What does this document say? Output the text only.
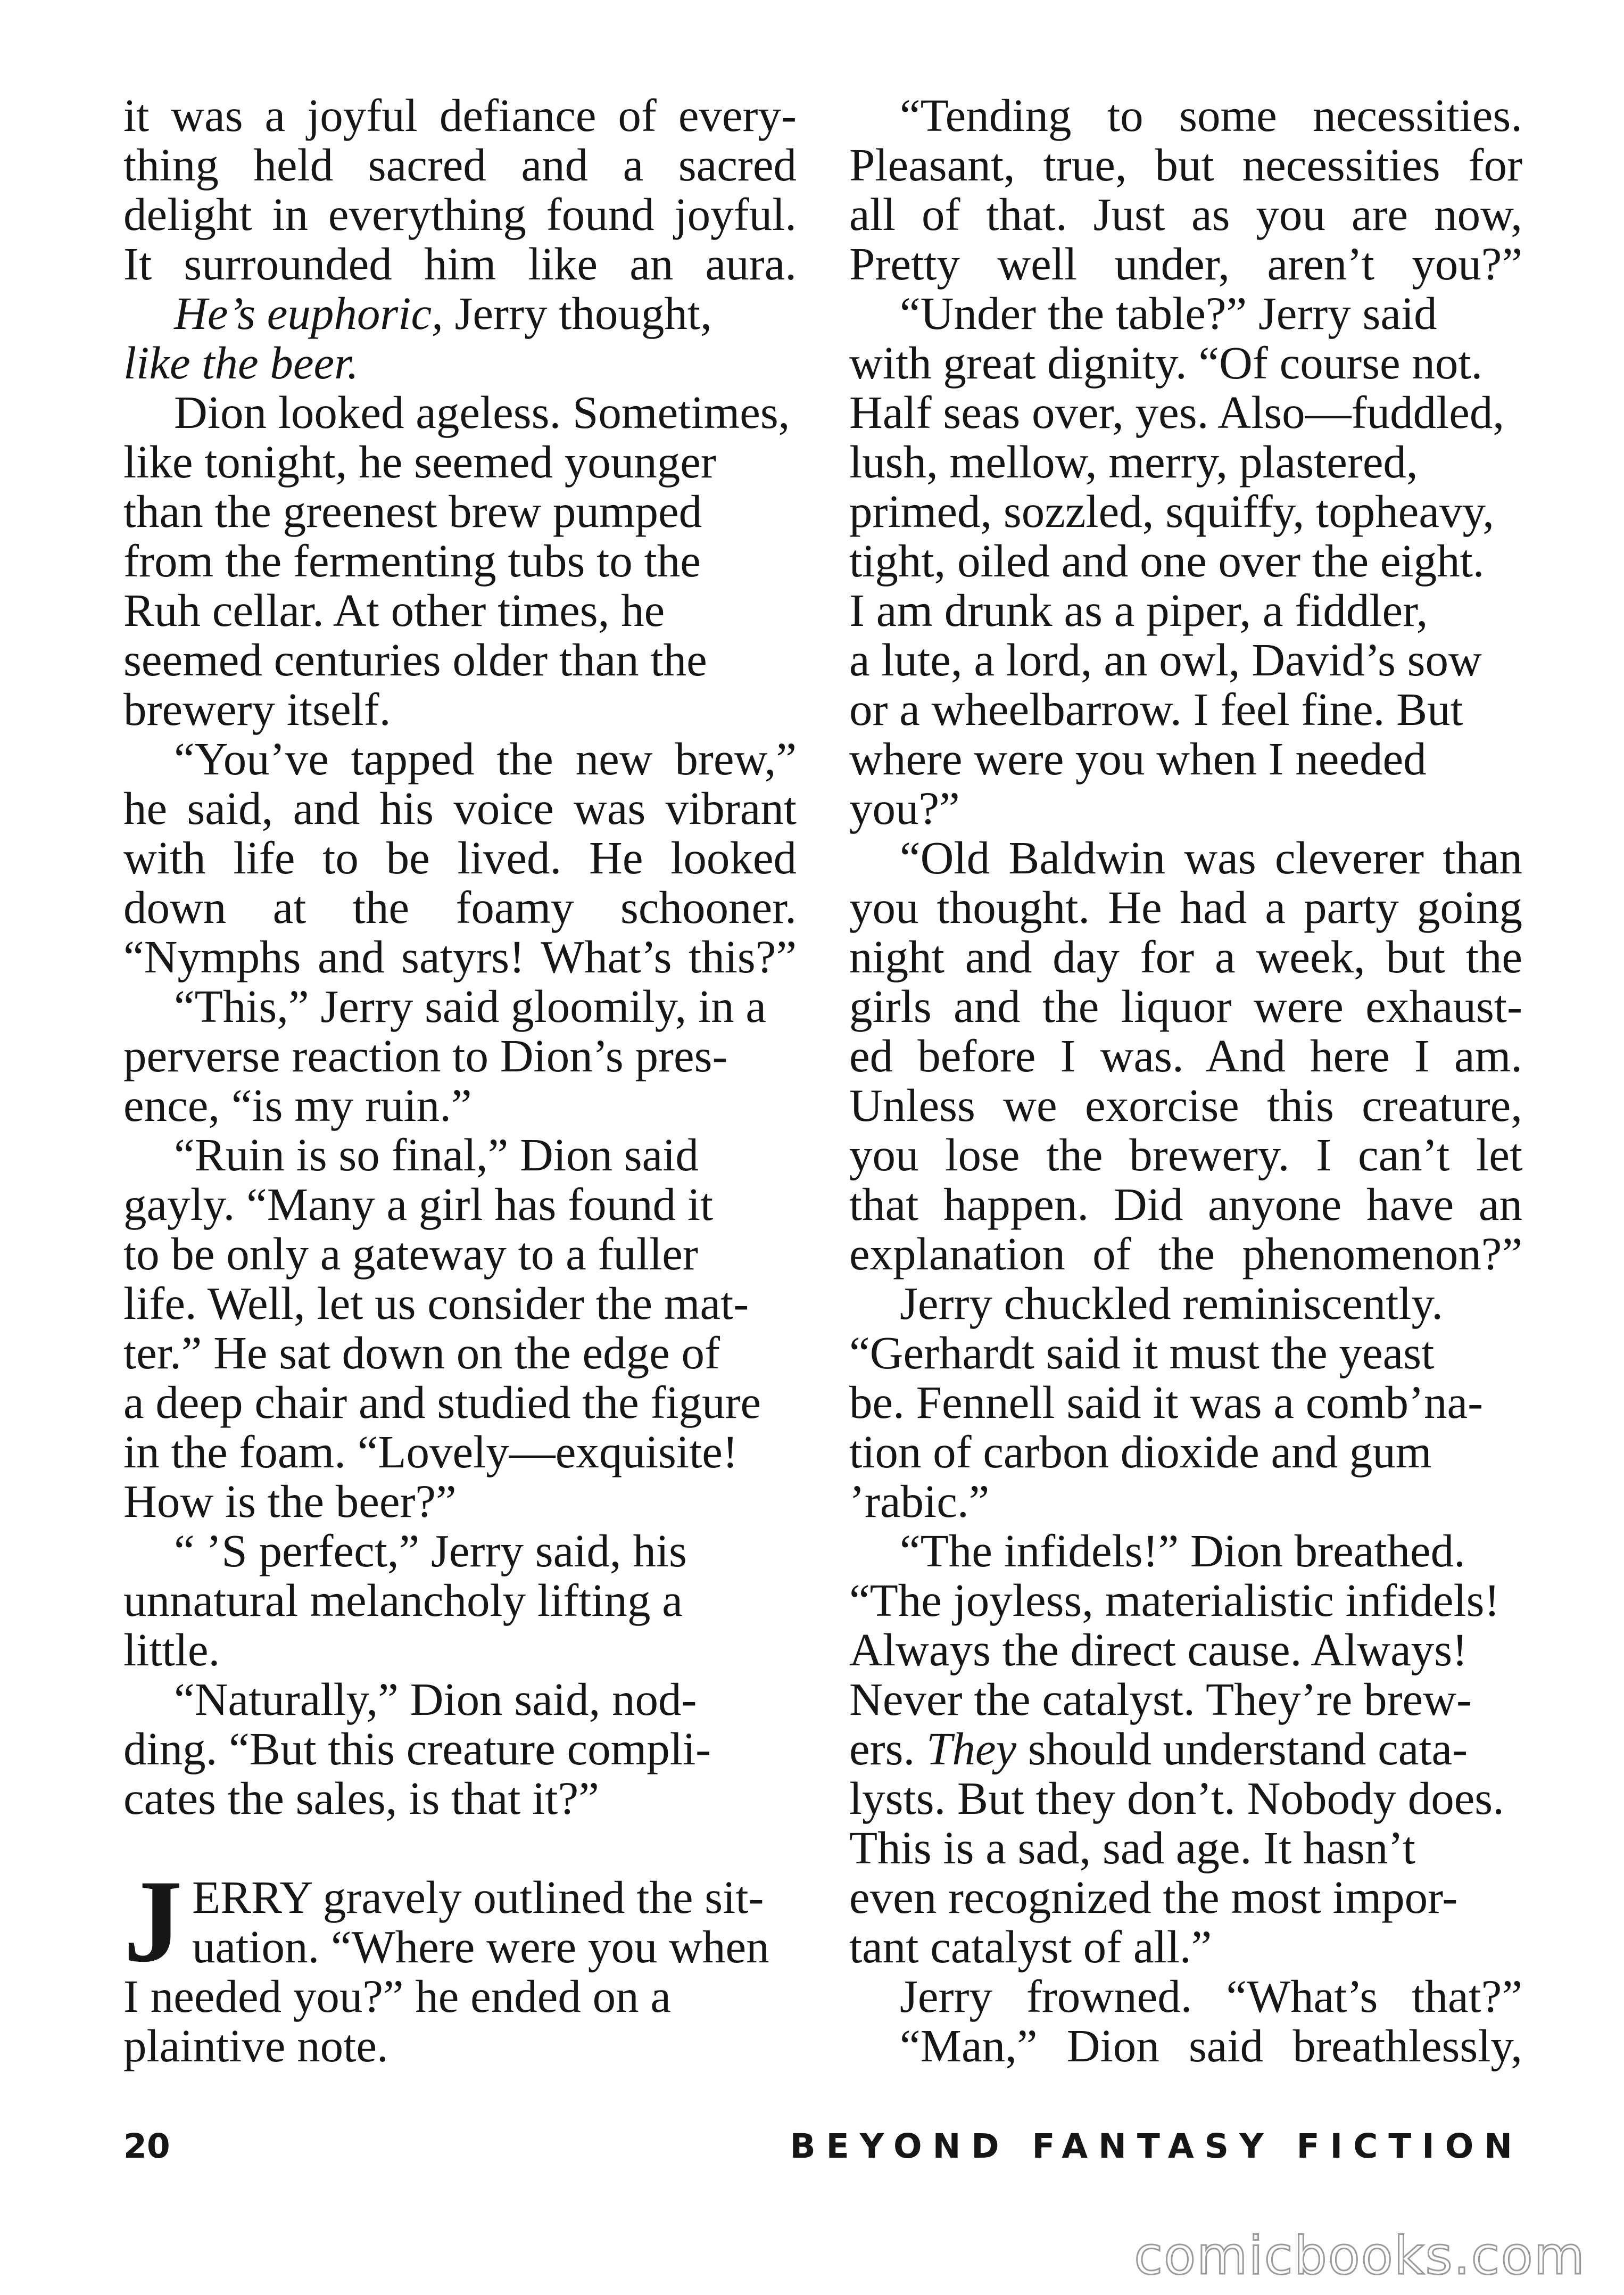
it was a joyful defiance of every-
thing held sacred and a sacred
delight in everything found joyful.
It surrounded him like an aura.

He’s euphoric, Jerry thought,
like the beer.

Dion looked ageless. Sometimes,
like tonight, he seemed younger
than the greenest brew pumped
from the fermenting tubs to the
Ruh cellar. At other times, he
seemed centuries older than the
brewery itself.

“You’ve tapped the new brew,”
he said, and his voice was vibrant
with life to be lived. He looked
down at the foamy schooner.
“Nymphs and satyrs! What’s this?”

“This,” Jerry said gloomily, in a
perverse reaction to Dion’s pres-
ence, “is my ruin.”

“Ruin is so final,” Dion said
gayly. “Many a girl has found it
to be only a gateway to a fuller
life. Well, let us consider the mat-
ter.” He sat down on the edge of
a deep chair and studied the figure
in the foam. “Lovely—exquisite!
How is the beer?”

“ ’S perfect,” Jerry said, his
unnatural melancholy lifting a
little.

“Naturally,” Dion said, nod-
ding. “But this creature compli-
cates the sales, is that it?”

JERRY gravely outlined the sit-
uation. “Where were you when
I needed you?” he ended on a
plaintive note.

“Tending to some necessities.
Pleasant, true, but necessities for
all of that. Just as you are now,
Pretty well under, aren’t you?”

“Under the table?” Jerry said
with great dignity. “Of course not.
Half seas over, yes. Also—fuddled,
lush, mellow, merry, plastered,
primed, sozzled, squiffy, topheavy,
tight, oiled and one over the eight.
I am drunk as a piper, a fiddler,
a lute, a lord, an owl, David’s sow
or a wheelbarrow. I feel fine. But
where were you when I needed
you?”

“Old Baldwin was cleverer than
you thought. He had a party going
night and day for a week, but the
girls and the liquor were exhaust-
ed before I was. And here I am.
Unless we exorcise this creature,
you lose the brewery. I can’t let
that happen. Did anyone have an
explanation of the phenomenon?”

Jerry chuckled reminiscently.
“Gerhardt said it must the yeast
be. Fennell said it was a comb’na-
tion of carbon dioxide and gum
’rabic.”

“The infidels!” Dion breathed.
“The joyless, materialistic infidels!
Always the direct cause. Always!
Never the catalyst. They’re brew-
ers. They should understand cata-
lysts. But they don’t. Nobody does.
This is a sad, sad age. It hasn’t
even recognized the most impor-
tant catalyst of all.”

Jerry frowned. “What’s that?”

“Man,” Dion said breathlessly,

20	BEYOND FANTASY FICTION
comicbooks.com
